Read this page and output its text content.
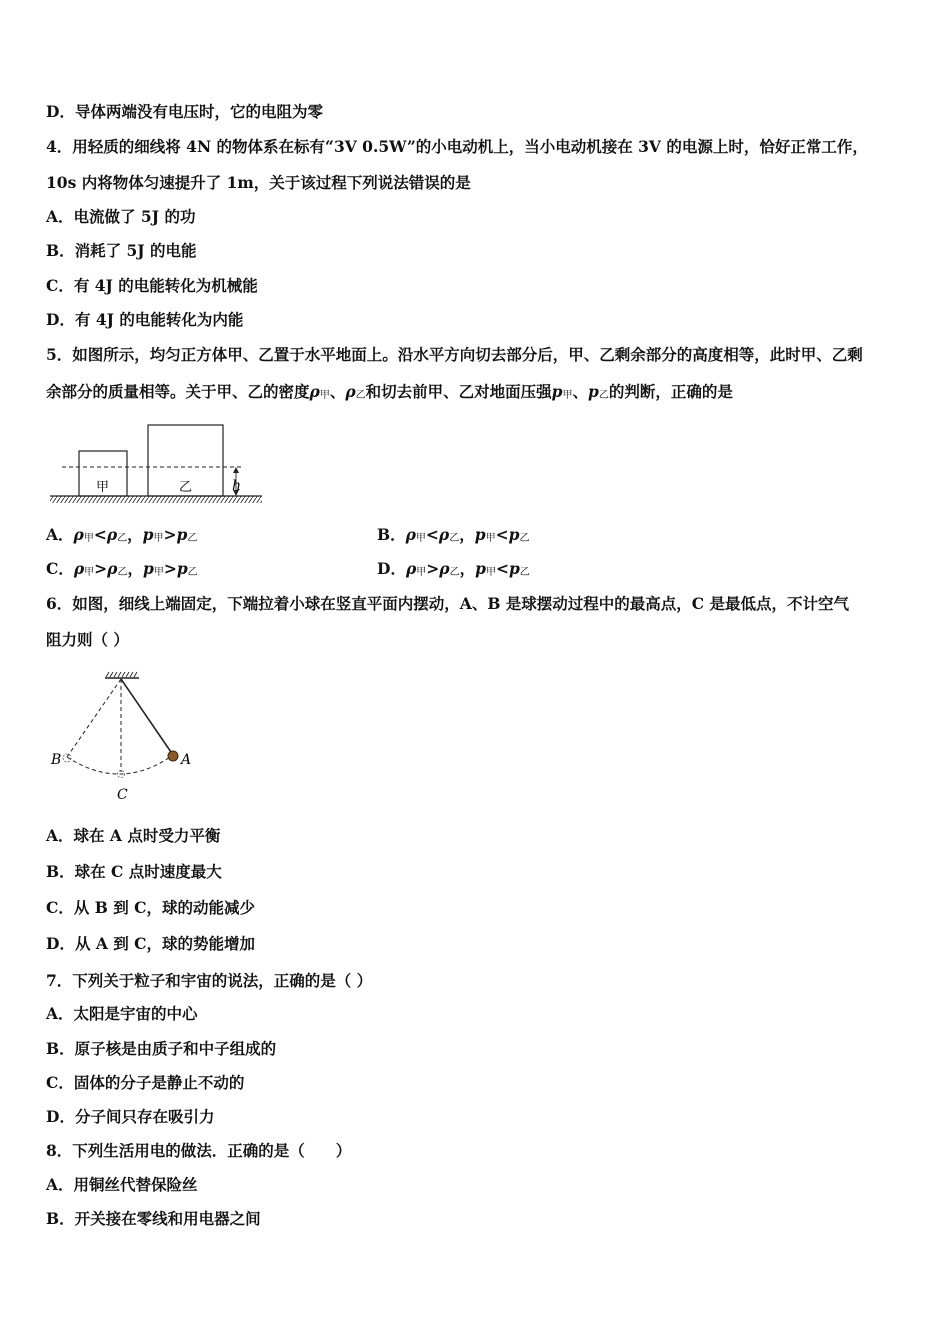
D．导体两端没有电压时，它的电阻为零
4．用轻质的细线将 4N 的物体系在标有“3V 0.5W”的小电动机上，当小电动机接在 3V 的电源上时，恰好正常工作，
10s 内将物体匀速提升了 1m，关于该过程下列说法错误的是
A．电流做了 5J 的功
B．消耗了 5J 的电能
C．有 4J 的电能转化为机械能
D．有 4J 的电能转化为内能
5．如图所示，均匀正方体甲、乙置于水平地面上。沿水平方向切去部分后，甲、乙剩余部分的高度相等，此时甲、乙剩
余部分的质量相等。关于甲、乙的密度ρ甲、ρ乙和切去前甲、乙对地面压强p甲、p乙的判断，正确的是
甲	乙	h
A．ρ甲<ρ乙，p甲>p乙	B．ρ甲<ρ乙，p甲<p乙
C．ρ甲>ρ乙，p甲>p乙	D．ρ甲>ρ乙，p甲<p乙
6．如图，细线上端固定，下端拉着小球在竖直平面内摆动，A、B 是球摆动过程中的最高点，C 是最低点，不计空气
阻力则（ ）
B	A
C
A．球在 A 点时受力平衡
B．球在 C 点时速度最大
C．从 B 到 C，球的动能减少
D．从 A 到 C，球的势能增加
7．下列关于粒子和宇宙的说法，正确的是（ ）
A．太阳是宇宙的中心
B．原子核是由质子和中子组成的
C．固体的分子是静止不动的
D．分子间只存在吸引力
8．下列生活用电的做法．正确的是（　　）
A．用铜丝代替保险丝
B．开关接在零线和用电器之间
